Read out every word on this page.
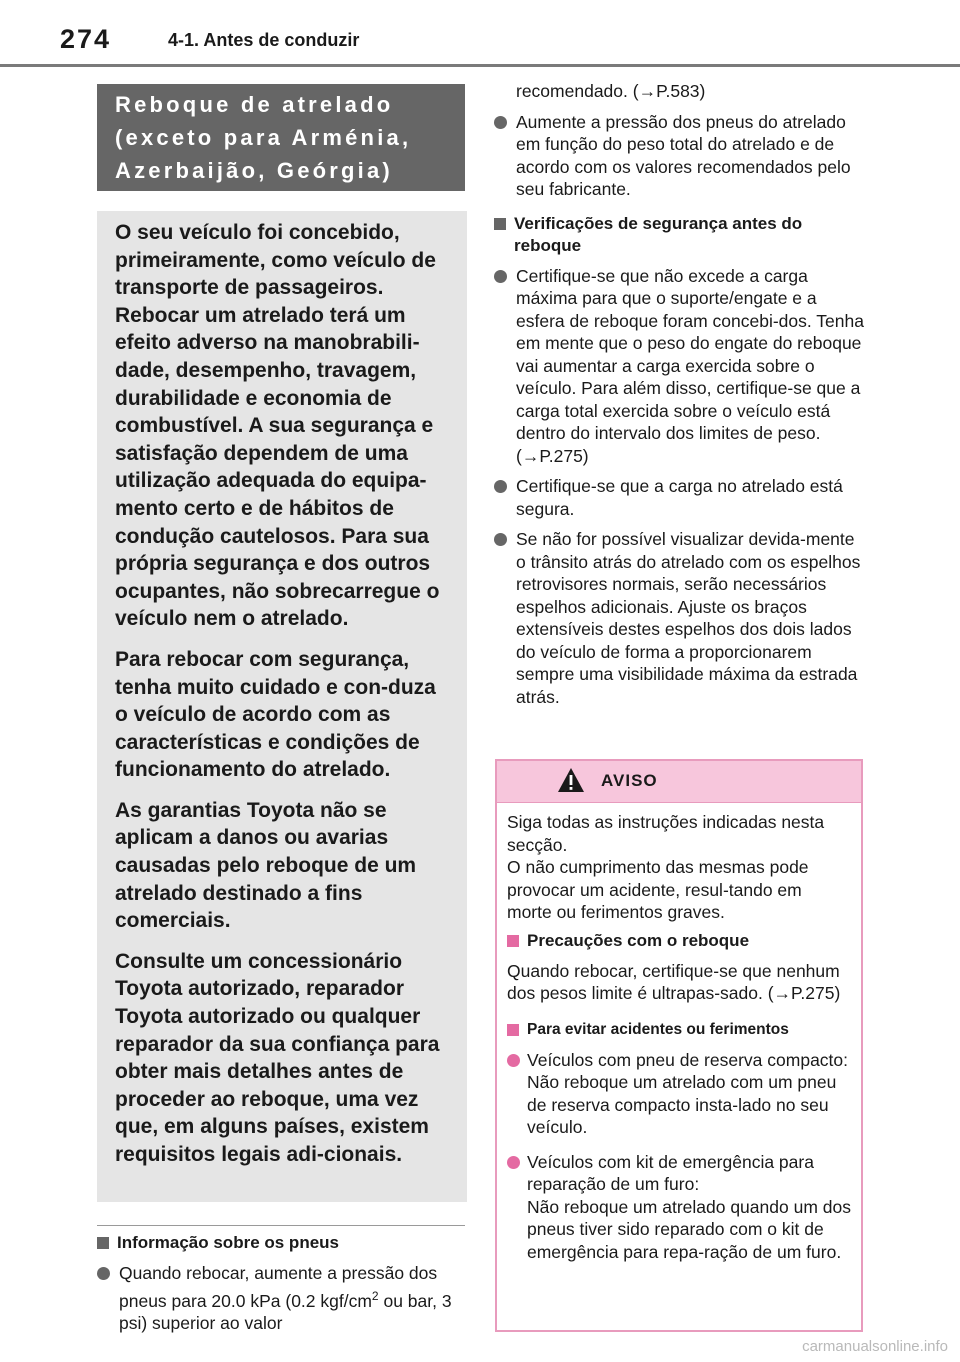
274	4-1. Antes de conduzir
Reboque de atrelado
(exceto para Arménia,
Azerbaijão, Geórgia)

O seu veículo foi concebido, primeiramente, como veículo de transporte de passageiros. Rebocar um atrelado terá um efeito adverso na manobrabili-dade, desempenho, travagem, durabilidade e economia de combustível. A sua segurança e satisfação dependem de uma utilização adequada do equipa-mento certo e de hábitos de condução cautelosos. Para sua própria segurança e dos outros ocupantes, não sobrecarregue o veículo nem o atrelado.

Para rebocar com segurança, tenha muito cuidado e con-duza o veículo de acordo com as características e condições de funcionamento do atrelado.

As garantias Toyota não se aplicam a danos ou avarias causadas pelo reboque de um atrelado destinado a fins comerciais.

Consulte um concessionário Toyota autorizado, reparador Toyota autorizado ou qualquer reparador da sua confiança para obter mais detalhes antes de proceder ao reboque, uma vez que, em alguns países, existem requisitos legais adi-cionais.

Informação sobre os pneus
Quando rebocar, aumente a pressão dos pneus para 20.0 kPa (0.2 kgf/$cm^2$ ou bar, 3 psi) superior ao valor
recomendado. (→P.583)
Aumente a pressão dos pneus do atrelado em função do peso total do atrelado e de acordo com os valores recomendados pelo seu fabricante.
Verificações de segurança antes do reboque
Certifique-se que não excede a carga máxima para que o suporte/engate e a esfera de reboque foram concebi-dos. Tenha em mente que o peso do engate do reboque vai aumentar a carga exercida sobre o veículo. Para além disso, certifique-se que a carga total exercida sobre o veículo está dentro do intervalo dos limites de peso. (→P.275)
Certifique-se que a carga no atrelado está segura.
Se não for possível visualizar devida-mente o trânsito atrás do atrelado com os espelhos retrovisores normais, serão necessários espelhos adicionais. Ajuste os braços extensíveis destes espelhos dos dois lados do veículo de forma a proporcionarem sempre uma visibilidade máxima da estrada atrás.
AVISO

Siga todas as instruções indicadas nesta secção.

O não cumprimento das mesmas pode provocar um acidente, resul-tando em morte ou ferimentos graves.

Precauções com o reboque

Quando rebocar, certifique-se que nenhum dos pesos limite é ultrapas-sado. (→P.275)

Para evitar acidentes ou ferimentos
Veículos com pneu de reserva compacto:
Não reboque um atrelado com um pneu de reserva compacto insta-lado no seu veículo.
Veículos com kit de emergência para reparação de um furo:
Não reboque um atrelado quando um dos pneus tiver sido reparado com o kit de emergência para repa-ração de um furo.
carmanualsonline.info
